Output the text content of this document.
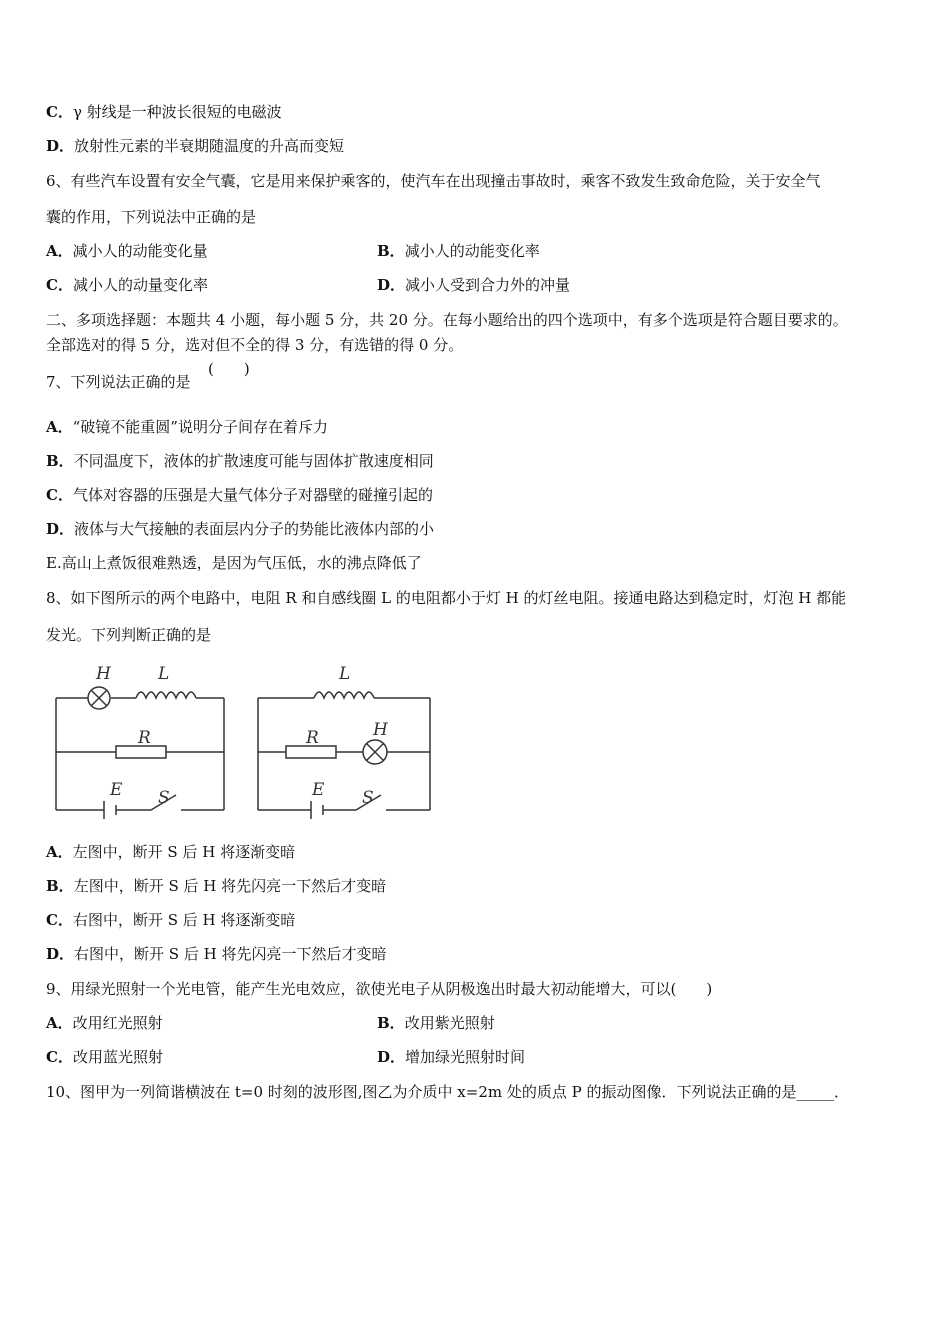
C．γ 射线是一种波长很短的电磁波
D．放射性元素的半衰期随温度的升高而变短
6、有些汽车设置有安全气囊，它是用来保护乘客的，使汽车在出现撞击事故时，乘客不致发生致命危险，关于安全气
囊的作用，下列说法中正确的是
A．减小人的动能变化量	B．减小人的动能变化率
C．减小人的动量变化率	D．减小人受到合力外的冲量
二、多项选择题：本题共 4 小题，每小题 5 分，共 20 分。在每小题给出的四个选项中，有多个选项是符合题目要求的。
全部选对的得 5 分，选对但不全的得 3 分，有选错的得 0 分。
7、下列说法正确的是
(　　)
A．“破镜不能重圆”说明分子间存在着斥力
B．不同温度下，液体的扩散速度可能与固体扩散速度相同
C．气体对容器的压强是大量气体分子对器壁的碰撞引起的
D．液体与大气接触的表面层内分子的势能比液体内部的小
E.高山上煮饭很难熟透，是因为气压低，水的沸点降低了
8、如下图所示的两个电路中，电阻 R 和自感线圈 L 的电阻都小于灯 H 的灯丝电阻。接通电路达到稳定时，灯泡 H 都能
发光。下列判断正确的是
H	L
R
E S
L
H
R
E S
A．左图中，断开 S 后 H 将逐渐变暗
B．左图中，断开 S 后 H 将先闪亮一下然后才变暗
C．右图中，断开 S 后 H 将逐渐变暗
D．右图中，断开 S 后 H 将先闪亮一下然后才变暗
9、用绿光照射一个光电管，能产生光电效应，欲使光电子从阴极逸出时最大初动能增大，可以(　　)
A．改用红光照射	B．改用紫光照射
C．改用蓝光照射	D．增加绿光照射时间
10、图甲为一列简谐横波在 t=0 时刻的波形图,图乙为介质中 x=2m 处的质点 P 的振动图像．下列说法正确的是_____．
